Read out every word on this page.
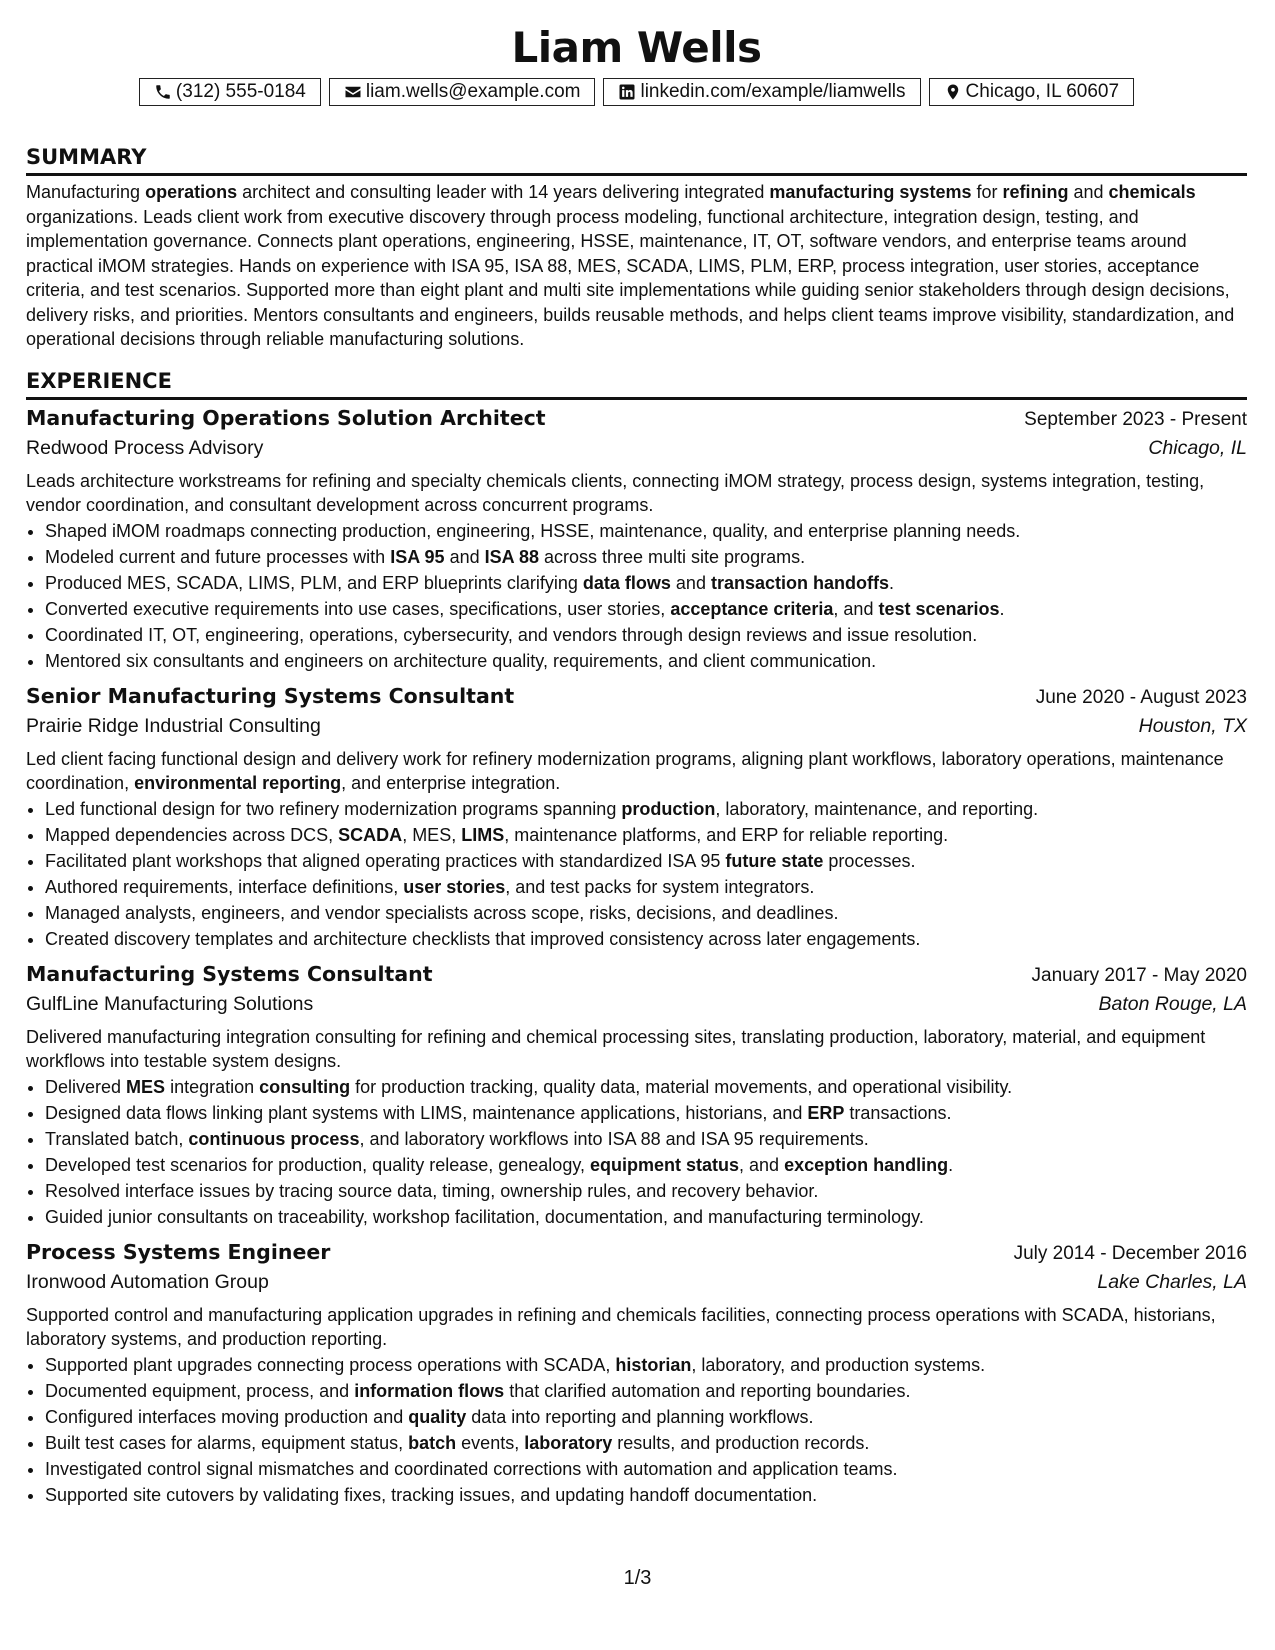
Liam Wells
(312) 555-0184	liam.wells@example.com	linkedin.com/example/liamwells	Chicago, IL 60607
SUMMARY

Manufacturing operations architect and consulting leader with 14 years delivering integrated manufacturing systems for refining and chemicals organizations. Leads client work from executive discovery through process modeling, functional architecture, integration design, testing, and implementation governance. Connects plant operations, engineering, HSSE, maintenance, IT, OT, software vendors, and enterprise teams around practical iMOM strategies. Hands on experience with ISA 95, ISA 88, MES, SCADA, LIMS, PLM, ERP, process integration, user stories, acceptance criteria, and test scenarios. Supported more than eight plant and multi site implementations while guiding senior stakeholders through design decisions, delivery risks, and priorities. Mentors consultants and engineers, builds reusable methods, and helps client teams improve visibility, standardization, and operational decisions through reliable manufacturing solutions.

EXPERIENCE
Manufacturing Operations Solution Architect	September 2023 - Present
Redwood Process Advisory	Chicago, IL

Leads architecture workstreams for refining and specialty chemicals clients, connecting iMOM strategy, process design, systems integration, testing, vendor coordination, and consultant development across concurrent programs.

• Shaped iMOM roadmaps connecting production, engineering, HSSE, maintenance, quality, and enterprise planning needs.
• Modeled current and future processes with ISA 95 and ISA 88 across three multi site programs.
• Produced MES, SCADA, LIMS, PLM, and ERP blueprints clarifying data flows and transaction handoffs.
• Converted executive requirements into use cases, specifications, user stories, acceptance criteria, and test scenarios.
• Coordinated IT, OT, engineering, operations, cybersecurity, and vendors through design reviews and issue resolution.
• Mentored six consultants and engineers on architecture quality, requirements, and client communication.
Senior Manufacturing Systems Consultant	June 2020 - August 2023
Prairie Ridge Industrial Consulting	Houston, TX

Led client facing functional design and delivery work for refinery modernization programs, aligning plant workflows, laboratory operations, maintenance coordination, environmental reporting, and enterprise integration.

• Led functional design for two refinery modernization programs spanning production, laboratory, maintenance, and reporting.
• Mapped dependencies across DCS, SCADA, MES, LIMS, maintenance platforms, and ERP for reliable reporting.
• Facilitated plant workshops that aligned operating practices with standardized ISA 95 future state processes.
• Authored requirements, interface definitions, user stories, and test packs for system integrators.
• Managed analysts, engineers, and vendor specialists across scope, risks, decisions, and deadlines.
• Created discovery templates and architecture checklists that improved consistency across later engagements.
Manufacturing Systems Consultant	January 2017 - May 2020
GulfLine Manufacturing Solutions	Baton Rouge, LA

Delivered manufacturing integration consulting for refining and chemical processing sites, translating production, laboratory, material, and equipment workflows into testable system designs.

• Delivered MES integration consulting for production tracking, quality data, material movements, and operational visibility.
• Designed data flows linking plant systems with LIMS, maintenance applications, historians, and ERP transactions.
• Translated batch, continuous process, and laboratory workflows into ISA 88 and ISA 95 requirements.
• Developed test scenarios for production, quality release, genealogy, equipment status, and exception handling.
• Resolved interface issues by tracing source data, timing, ownership rules, and recovery behavior.
• Guided junior consultants on traceability, workshop facilitation, documentation, and manufacturing terminology.
Process Systems Engineer	July 2014 - December 2016
Ironwood Automation Group	Lake Charles, LA

Supported control and manufacturing application upgrades in refining and chemicals facilities, connecting process operations with SCADA, historians, laboratory systems, and production reporting.

• Supported plant upgrades connecting process operations with SCADA, historian, laboratory, and production systems.
• Documented equipment, process, and information flows that clarified automation and reporting boundaries.
• Configured interfaces moving production and quality data into reporting and planning workflows.
• Built test cases for alarms, equipment status, batch events, laboratory results, and production records.
• Investigated control signal mismatches and coordinated corrections with automation and application teams.
• Supported site cutovers by validating fixes, tracking issues, and updating handoff documentation.
1/3
